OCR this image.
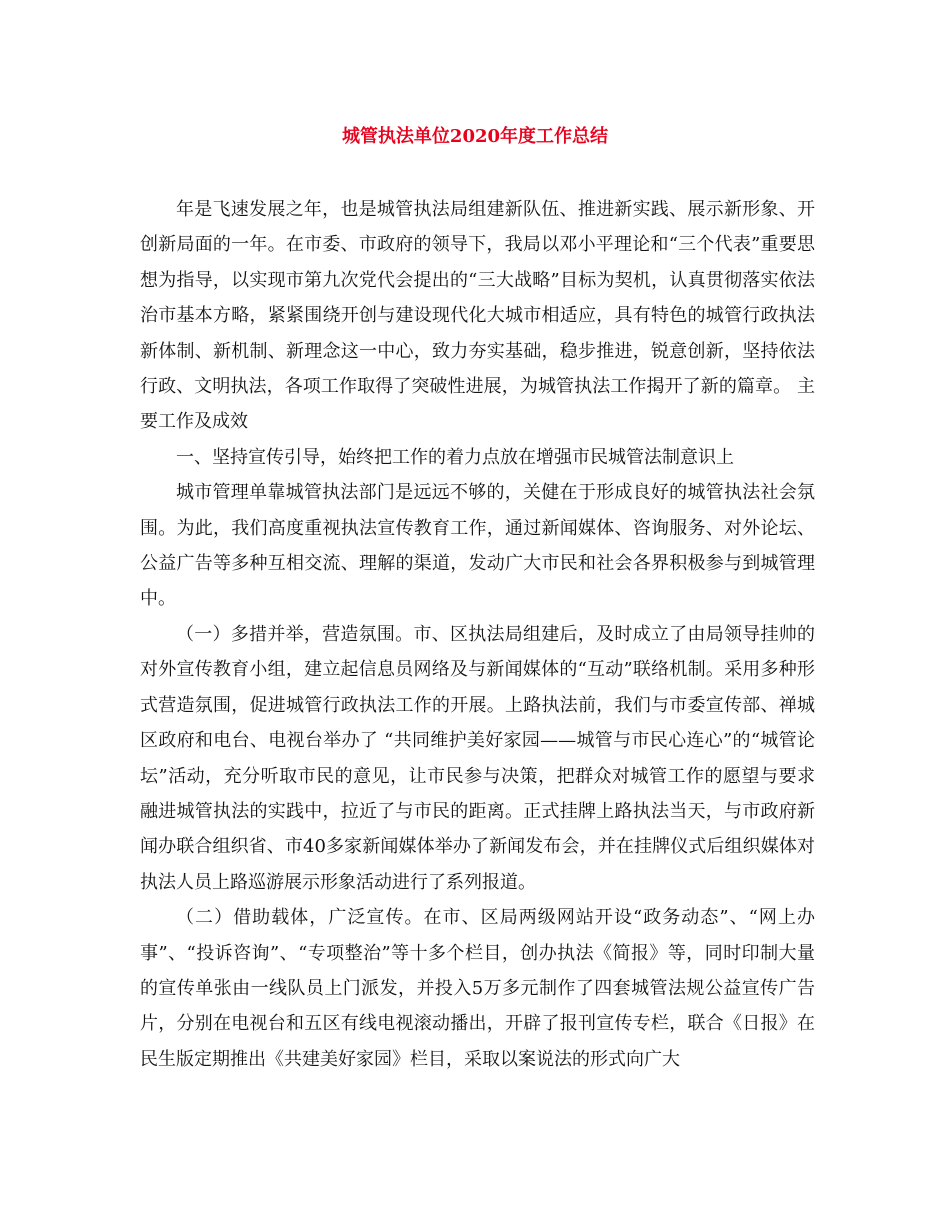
城管执法单位2020年度工作总结

年是飞速发展之年，也是城管执法局组建新队伍、推进新实践、展示新形象、开创新局面的一年。在市委、市政府的领导下，我局以邓小平理论和“三个代表”重要思想为指导，以实现市第九次党代会提出的“三大战略”目标为契机，认真贯彻落实依法治市基本方略，紧紧围绕开创与建设现代化大城市相适应，具有特色的城管行政执法新体制、新机制、新理念这一中心，致力夯实基础，稳步推进，锐意创新，坚持依法行政、文明执法，各项工作取得了突破性进展，为城管执法工作揭开了新的篇章。 主要工作及成效

一、坚持宣传引导，始终把工作的着力点放在增强市民城管法制意识上

城市管理单靠城管执法部门是远远不够的，关健在于形成良好的城管执法社会氛围。为此，我们高度重视执法宣传教育工作，通过新闻媒体、咨询服务、对外论坛、公益广告等多种互相交流、理解的渠道，发动广大市民和社会各界积极参与到城管理中。

（一）多措并举，营造氛围。市、区执法局组建后，及时成立了由局领导挂帅的对外宣传教育小组，建立起信息员网络及与新闻媒体的“互动”联络机制。采用多种形式营造氛围，促进城管行政执法工作的开展。上路执法前，我们与市委宣传部、禅城区政府和电台、电视台举办了 “共同维护美好家园——城管与市民心连心”的“城管论坛”活动，充分听取市民的意见，让市民参与决策，把群众对城管工作的愿望与要求融进城管执法的实践中，拉近了与市民的距离。正式挂牌上路执法当天，与市政府新闻办联合组织省、市40多家新闻媒体举办了新闻发布会，并在挂牌仪式后组织媒体对执法人员上路巡游展示形象活动进行了系列报道。

（二）借助载体，广泛宣传。在市、区局两级网站开设“政务动态”、“网上办事”、“投诉咨询”、“专项整治”等十多个栏目，创办执法《简报》等，同时印制大量的宣传单张由一线队员上门派发，并投入5万多元制作了四套城管法规公益宣传广告片，分别在电视台和五区有线电视滚动播出，开辟了报刊宣传专栏，联合《日报》在民生版定期推出《共建美好家园》栏目，采取以案说法的形式向广大
